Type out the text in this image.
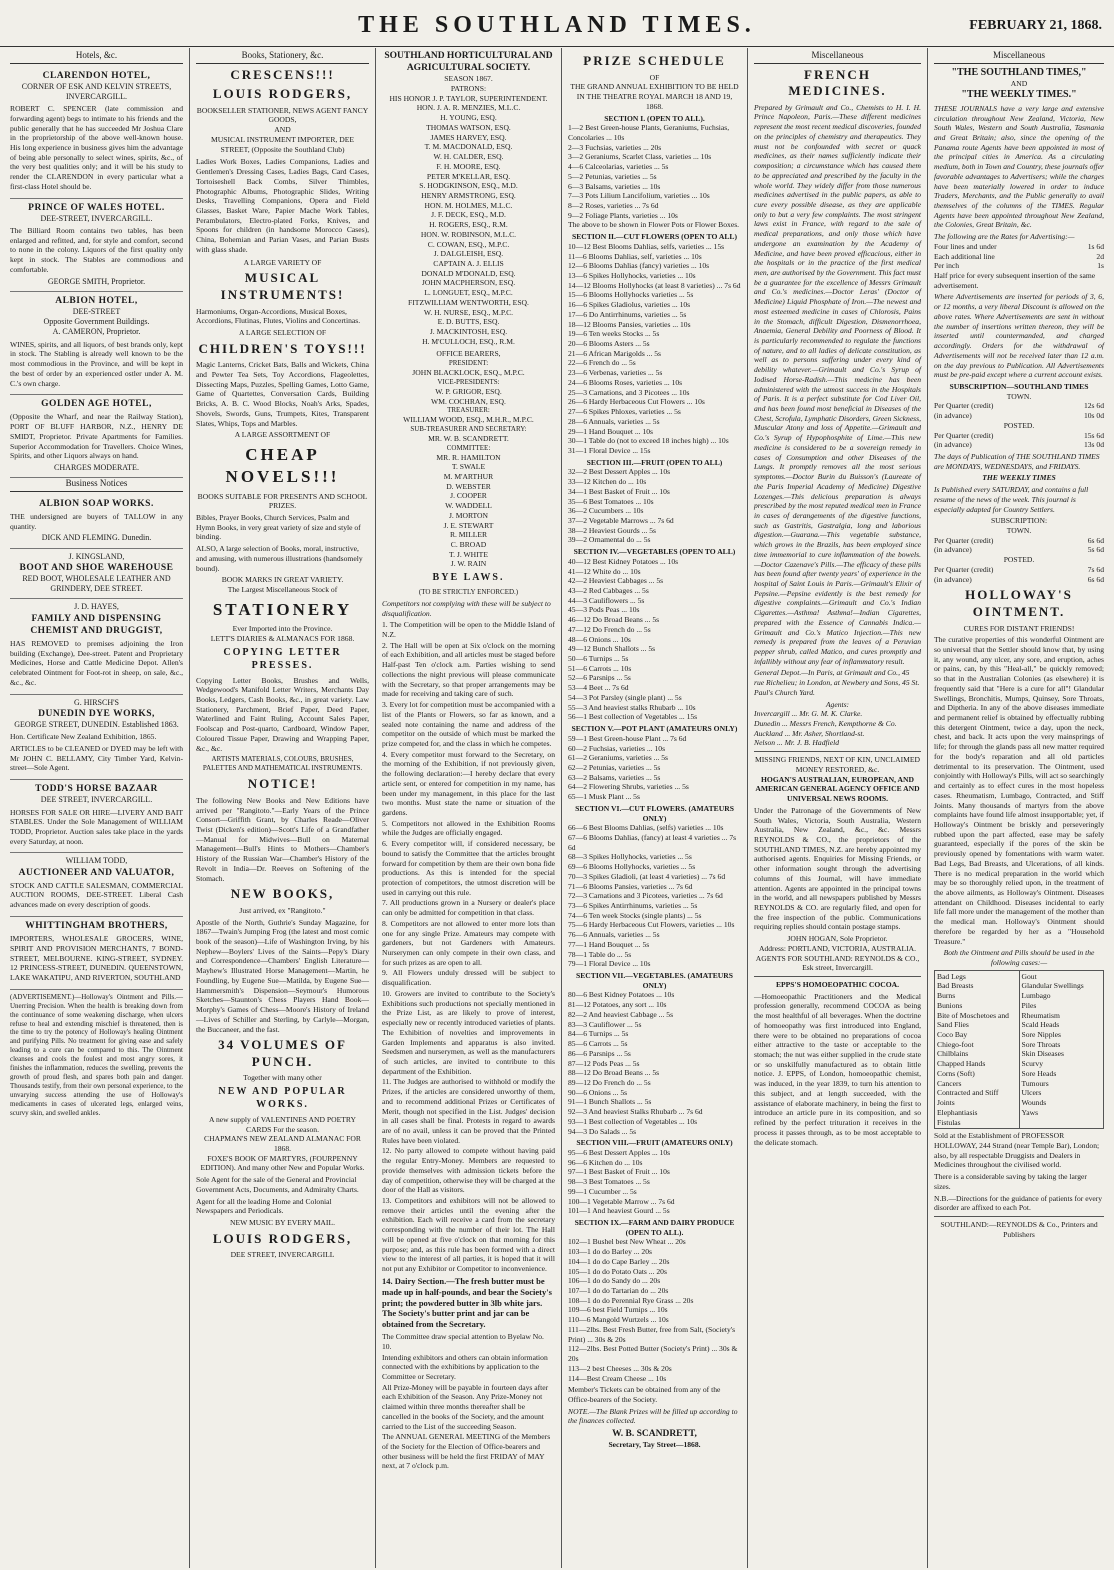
THE SOUTHLAND TIMES.	FEBRUARY 21, 1868.
Hotels, &c.
CLARENDON HOTEL,
CORNER OF ESK AND KELVIN STREETS, INVERCARGILL.

ROBERT C. SPENCER (late commission and forwarding agent) begs to intimate to his friends and the public generally that he has succeeded Mr Joshua Clare in the proprietorship of the above well-known house. His long experience in business gives him the advantage of being able personally to select wines, spirits, &c., of the very best qualities only; and it will be his study to render the CLARENDON in every particular what a first-class Hotel should be.

PRINCE OF WALES HOTEL.
DEE-STREET, INVERCARGILL.

The Billiard Room contains two tables, has been enlarged and refitted, and, for style and comfort, second to none in the colony. Liquors of the first quality only kept in stock. The Stables are commodious and comfortable.

GEORGE SMITH, Proprietor.
ALBION HOTEL,
DEE-STREET
Opposite Government Buildings.
A. CAMERON, Proprietor.

WINES, spirits, and all liquors, of best brands only, kept in stock. The Stabling is already well known to be the most commodious in the Province, and will be kept in the best of order by an experienced ostler under A. M. C.'s own charge.

GOLDEN AGE HOTEL,

(Opposite the Wharf, and near the Railway Station), PORT OF BLUFF HARBOR, N.Z., HENRY DE SMIDT, Proprietor. Private Apartments for Families. Superior Accommodation for Travellers. Choice Wines, Spirits, and other Liquors always on hand.

CHARGES MODERATE.
Business Notices
ALBION SOAP WORKS.

THE undersigned are buyers of TALLOW in any quantity.

DICK AND FLEMING. Dunedin.
J. KINGSLAND,
BOOT AND SHOE WAREHOUSE
RED BOOT, WHOLESALE LEATHER AND GRINDERY, DEE STREET.
J. D. HAYES,
FAMILY AND DISPENSING CHEMIST AND DRUGGIST,

HAS REMOVED to premises adjoining the Iron building (Exchange), Dee-street. Patent and Proprietary Medicines, Horse and Cattle Medicine Depot. Allen's celebrated Ointment for Foot-rot in sheep, on sale, &c., &c., &c.

G. HIRSCH'S
DUNEDIN DYE WORKS,
GEORGE STREET, DUNEDIN. Established 1863.

Hon. Certificate New Zealand Exhibition, 1865.

ARTICLES to be CLEANED or DYED may be left with Mr JOHN C. BELLAMY, City Timber Yard, Kelvin-street—Sole Agent.

TODD'S HORSE BAZAAR
DEE STREET, INVERCARGILL.

HORSES FOR SALE OR HIRE—LIVERY AND BAIT STABLES. Under the Sole Management of WILLIAM TODD, Proprietor. Auction sales take place in the yards every Saturday, at noon.

WILLIAM TODD,
AUCTIONEER AND VALUATOR,

STOCK AND CATTLE SALESMAN, COMMERCIAL AUCTION ROOMS, DEE-STREET. Liberal Cash advances made on every description of goods.

WHITTINGHAM BROTHERS,

IMPORTERS, WHOLESALE GROCERS, WINE, SPIRIT AND PROVISION MERCHANTS, 7 BOND-STREET, MELBOURNE. KING-STREET, SYDNEY. 12 PRINCESS-STREET, DUNEDIN. QUEENSTOWN, LAKE WAKATIPU, AND RIVERTON, SOUTHLAND

(ADVERTISEMENT.)—Holloway's Ointment and Pills.—Unerring Precision. When the health is breaking down from the continuance of some weakening discharge, when ulcers refuse to heal and extending mischief is threatened, then is the time to try the potency of Holloway's healing Ointment and purifying Pills. No treatment for giving ease and safely leading to a cure can be compared to this. The Ointment cleanses and cools the foulest and most angry sores, it finishes the inflammation, reduces the swelling, prevents the growth of proud flesh, and spares both pain and danger. Thousands testify, from their own personal experience, to the unvarying success attending the use of Holloway's medicaments in cases of ulcerated legs, enlarged veins, scurvy skin, and swelled ankles.

Books, Stationery, &c.
CRESCENS!!!
LOUIS RODGERS,
BOOKSELLER STATIONER, NEWS AGENT FANCY GOODS,
AND
MUSICAL INSTRUMENT IMPORTER, DEE STREET, (Opposite the Southland Club)

Ladies Work Boxes, Ladies Companions, Ladies and Gentlemen's Dressing Cases, Ladies Bags, Card Cases, Tortoiseshell Back Combs, Silver Thimbles, Photographic Albums, Photographic Slides, Writing Desks, Travelling Companions, Opera and Field Glasses, Basket Ware, Papier Mache Work Tables, Perambulators, Electro-plated Forks, Knives, and Spoons for children (in handsome Morocco Cases), China, Bohemian and Parian Vases, and Parian Busts with glass shade.

A LARGE VARIETY OF
MUSICAL INSTRUMENTS!

Harmoniums, Organ-Accordions, Musical Boxes, Accordions, Flutinas, Flutes, Violins and Concertinas.

A LARGE SELECTION OF
CHILDREN'S TOYS!!!

Magic Lanterns, Cricket Bats, Balls and Wickets, China and Pewter Tea Sets, Toy Accordions, Flageolettes, Dissecting Maps, Puzzles, Spelling Games, Lotto Game, Game of Quartettes, Conversation Cards, Building Bricks, A. B. C. Wood Blocks, Noah's Arks, Spades, Shovels, Swords, Guns, Trumpets, Kites, Transparent Slates, Whips, Tops and Marbles.

A LARGE ASSORTMENT OF
CHEAP NOVELS!!!
BOOKS SUITABLE FOR PRESENTS AND SCHOOL PRIZES.

Bibles, Prayer Books, Church Services, Psalm and Hymn Books, in very great variety of size and style of binding.

ALSO, A large selection of Books, moral, instructive, and amusing, with numerous illustrations (handsomely bound).

BOOK MARKS IN GREAT VARIETY.
The Largest Miscellaneous Stock of
STATIONERY
Ever Imported into the Province.
LETT'S DIARIES & ALMANACS FOR 1868.
COPYING LETTER PRESSES.

Copying Letter Books, Brushes and Wells, Wedgewood's Manifold Letter Writers, Merchants Day Books, Ledgers, Cash Books, &c., in great variety. Law Stationery, Parchment, Brief Paper, Deed Paper, Waterlined and Faint Ruling, Account Sales Paper, Foolscap and Post-quarto, Cardboard, Window Paper, Coloured Tissue Paper, Drawing and Wrapping Paper, &c., &c.

ARTISTS MATERIALS, COLOURS, BRUSHES, PALETTES AND MATHEMATICAL INSTRUMENTS.
NOTICE!

The following New Books and New Editions have arrived per "Rangitoto."—Early Years of the Prince Consort—Griffith Grant, by Charles Reade—Oliver Twist (Dicken's edition)—Scott's Life of a Grandfather—Manual for Midwives—Bull on Maternal Management—Bull's Hints to Mothers—Chamber's History of the Russian War—Chamber's History of the Revolt in India—Dr. Reeves on Softening of the Stomach.

NEW BOOKS,
Just arrived, ex "Rangitoto."

Apostle of the North, Guthrie's Sunday Magazine, for 1867—Twain's Jumping Frog (the latest and most comic book of the season)—Life of Washington Irving, by his Nephew—Boylers' Lives of the Saints—Pepy's Diary and Correspondence—Chambers' English Literature—Mayhew's Illustrated Horse Management—Martin, he Foundling, by Eugene Sue—Matilda, by Eugene Sue—Hammersmith's Dispension—Seymour's Humorous Sketches—Staunton's Chess Players Hand Book—Morphy's Games of Chess—Moore's History of Ireland—Lives of Schiller and Sterling, by Carlyle—Morgan, the Buccaneer, and the fast.

34 VOLUMES OF PUNCH.
Together with many other
NEW AND POPULAR WORKS.
A new supply of VALENTINES AND POETRY CARDS For the season.
CHAPMAN'S NEW ZEALAND ALMANAC FOR 1868.
FOXE'S BOOK OF MARTYRS, (FOURPENNY EDITION). And many other New and Popular Works.

Sole Agent for the sale of the General and Provincial Government Acts, Documents, and Admiralty Charts.

Agent for all the leading Home and Colonial Newspapers and Periodicals.

NEW MUSIC BY EVERY MAIL.
LOUIS RODGERS,
DEE STREET, INVERCARGILL
SOUTHLAND HORTICULTURAL AND AGRICULTURAL SOCIETY.
SEASON 1867.
PATRONS:
HIS HONOR J. P. TAYLOR, SUPERINTENDENT.
HON. J. A. R. MENZIES, M.L.C.
H. YOUNG, ESQ.
THOMAS WATSON, ESQ.
JAMES HARVEY, ESQ.
T. M. MACDONALD, ESQ.
W. H. CALDER, ESQ.
F. H. MOORE, ESQ.
PETER M'KELLAR, ESQ.
S. HODGKINSON, ESQ., M.D.
HENRY ARMSTRONG, ESQ.
HON. M. HOLMES, M.L.C.
J. F. DECK, ESQ., M.D.
H. ROGERS, ESQ., R.M.
HON. W. ROBINSON, M.L.C.
C. COWAN, ESQ., M.P.C.
J. DALGLEISH, ESQ.
CAPTAIN A. J. ELLIS
DONALD M'DONALD, ESQ.
JOHN MACPHERSON, ESQ.
L. LONGUET, ESQ., M.P.C.
FITZWILLIAM WENTWORTH, ESQ.
W. H. NURSE, ESQ., M.P.C.
E. D. BUTTS, ESQ.
J. MACKINTOSH, ESQ.
H. M'CULLOCH, ESQ., R.M.
OFFICE BEARERS,
PRESIDENT:
JOHN BLACKLOCK, ESQ., M.P.C.
VICE-PRESIDENTS:
W. P. GRIGOR, ESQ.
WM. COCHRAN, ESQ.
TREASURER:
WILLIAM WOOD, ESQ., M.H.R., M.P.C.
SUB-TREASURER AND SECRETARY:
MR. W. B. SCANDRETT.
COMMITTEE:
MR. R. HAMILTON
T. SWALE
M. M'ARTHUR
D. WEBSTER
J. COOPER
W. WADDELL
J. MORTON
J. E. STEWART
R. MILLER
C. BROAD
T. J. WHITE
J. W. RAIN
BYE LAWS.
(TO BE STRICTLY ENFORCED.)

Competitors not complying with these will be subject to disqualification.

1. The Competition will be open to the Middle Island of N.Z.

2. The Hall will be open at Six o'clock on the morning of each Exhibition, and all articles must be staged before Half-past Ten o'clock a.m. Parties wishing to send collections the night previous will please communicate with the Secretary, so that proper arrangements may be made for receiving and taking care of such.

3. Every lot for competition must be accompanied with a list of the Plants or Flowers, so far as known, and a sealed note containing the name and address of the competitor on the outside of which must be marked the prize competed for, and the class in which he competes.

4. Every competitor must forward to the Secretary, on the morning of the Exhibition, if not previously given, the following declaration:—I hereby declare that every article sent, or entered for competition in my name, has been under my management, in this place for the last two months. Must state the name or situation of the gardens.

5. Competitors not allowed in the Exhibition Rooms while the Judges are officially engaged.

6. Every competitor will, if considered necessary, be bound to satisfy the Committee that the articles brought forward for competition by them are their own bona fide productions. As this is intended for the special protection of competitors, the utmost discretion will be used in carrying out this rule.

7. All productions grown in a Nursery or dealer's place can only be admitted for competition in that class.

8. Competitors are not allowed to enter more lots than one for any single Prize. Amateurs may compete with gardeners, but not Gardeners with Amateurs. Nurserymen can only compete in their own class, and for such prizes as are open to all.

9. All Flowers unduly dressed will be subject to disqualification.

10. Growers are invited to contribute to the Society's Exhibitions such productions not specially mentioned in the Prize List, as are likely to prove of interest, especially new or recently introduced varieties of plants. The Exhibition of novelties and improvements in Garden Implements and apparatus is also invited. Seedsmen and nurserymen, as well as the manufacturers of such articles, are invited to contribute to this department of the Exhibition.

11. The Judges are authorised to withhold or modify the Prizes, if the articles are considered unworthy of them, and to recommend additional Prizes or Certificates of Merit, though not specified in the List. Judges' decision in all cases shall be final. Protests in regard to awards are of no avail, unless it can be proved that the Printed Rules have been violated.

12. No party allowed to compete without having paid the regular Entry-Money. Members are requested to provide themselves with admission tickets before the day of competition, otherwise they will be charged at the door of the Hall as visitors.

13. Competitors and exhibitors will not be allowed to remove their articles until the evening after the exhibition. Each will receive a card from the secretary corresponding with the number of their lot. The Hall will be opened at five o'clock on that morning for this purpose; and, as this rule has been formed with a direct view to the interest of all parties, it is hoped that it will not put any Exhibitor or Competitor to inconvenience.

14. Dairy Section.—The fresh butter must be made up in half-pounds, and bear the Society's print; the powdered butter in 3lb white jars. The Society's butter print and jar can be obtained from the Secretary.

The Committee draw special attention to Byelaw No. 10.

Intending exhibitors and others can obtain information connected with the exhibitions by application to the Committee or Secretary.

All Prize-Money will be payable in fourteen days after each Exhibition of the Season. Any Prize-Money not claimed within three months thereafter shall be cancelled in the books of the Society, and the amount carried to the List of the succeeding Season.

The ANNUAL GENERAL MEETING of the Members of the Society for the Election of Office-bearers and other business will be held the first FRIDAY of MAY next, at 7 o'clock p.m.

PRIZE SCHEDULE
OF
THE GRAND ANNUAL EXHIBITION TO BE HELD IN THE THEATRE ROYAL MARCH 18 AND 19, 1868.
SECTION I. (OPEN TO ALL).
1—2 Best Green-house Plants, Geraniums, Fuchsias, Concolaries ... 10s
2—3 Fuchsias, varieties ... 20s
3—2 Geraniums, Scarlet Class, varieties ... 10s
4—6 Calceolarias, varieties ... 5s
5—2 Petunias, varieties ... 5s
6—3 Balsams, varieties ... 10s
7—3 Pots Lilium Lancifolium, varieties ... 10s
8—2 Roses, varieties ... 7s 6d
9—2 Foliage Plants, varieties ... 10s
The above to be shown in Flower Pots or Flower Boxes.
SECTION II.—CUT FLOWERS (OPEN TO ALL)
10—12 Best Blooms Dahlias, selfs, varieties ... 15s
11—6 Blooms Dahlias, self, varieties ... 10s
12—6 Blooms Dahlias (fancy) varieties ... 10s
13—6 Spikes Hollyhocks, varieties ... 10s
14—12 Blooms Hollyhocks (at least 8 varieties) ... 7s 6d
15—6 Blooms Hollyhocks varieties ... 5s
16—6 Spikes Gladiolus, varieties ... 10s
17—6 Do Antirrhinums, varieties ... 5s
18—12 Blooms Pansies, varieties ... 10s
19—6 Ten weeks Stocks ... 5s
20—6 Blooms Asters ... 5s
21—6 African Marigolds ... 5s
22—6 French do ... 5s
23—6 Verbenas, varieties ... 5s
24—6 Blooms Roses, varieties ... 10s
25—3 Carnations, and 3 Picotees ... 10s
26—6 Hardy Herbaceous Cut Flowers ... 10s
27—6 Spikes Phloxes, varieties ... 5s
28—6 Annuals, varieties ... 5s
29—1 Hand Bouquet ... 10s
30—1 Table do (not to exceed 18 inches high) ... 10s
31—1 Floral Device ... 15s
SECTION III.—FRUIT (OPEN TO ALL)
32—2 Best Dessert Apples ... 10s
33—12 Kitchen do ... 10s
34—1 Best Basket of Fruit ... 10s
35—6 Best Tomatoes ... 10s
36—2 Cucumbers ... 10s
37—2 Vegetable Marrows ... 7s 6d
38—2 Heaviest Gourds ... 5s
39—2 Ornamental do ... 5s
SECTION IV.—VEGETABLES (OPEN TO ALL)
40—12 Best Kidney Potatoes ... 10s
41—12 White do ... 10s
42—2 Heaviest Cabbages ... 5s
43—2 Red Cabbages ... 5s
44—3 Cauliflowers ... 5s
45—3 Pods Peas ... 10s
46—12 Do Broad Beans ... 5s
47—12 Do French do ... 5s
48—6 Onions ... 10s
49—12 Bunch Shallots ... 5s
50—6 Turnips ... 5s
51—6 Carrots ... 10s
52—6 Parsnips ... 5s
53—4 Beet ... 7s 6d
54—3 Pot Parsley (single plant) ... 5s
55—3 And heaviest stalks Rhubarb ... 10s
56—1 Best collection of Vegetables ... 15s
SECTION V.—POT PLANT (AMATEURS ONLY)
59—1 Best Green-house Plant ... 7s 6d
60—2 Fuchsias, varieties ... 10s
61—2 Geraniums, varieties ... 5s
62—2 Petunias, varieties ... 5s
63—2 Balsams, varieties ... 5s
64—2 Flowering Shrubs, varieties ... 5s
65—1 Musk Plant ... 5s
SECTION VI.—CUT FLOWERS. (AMATEURS ONLY)
66—6 Best Blooms Dahlias, (selfs) varieties ... 10s
67—6 Blooms Dahlias, (fancy) at least 4 varieties ... 7s 6d
68—3 Spikes Hollyhocks, varieties ... 5s
69—6 Blooms Hollyhocks, varieties ... 5s
70—3 Spikes Gladioli, (at least 4 varieties) ... 7s 6d
71—6 Blooms Pansies, varieties ... 7s 6d
72—3 Carnations and 3 Picotees, varieties ... 7s 6d
73—6 Spikes Antirrhinums, varieties ... 5s
74—6 Ten week Stocks (single plants) ... 5s
75—6 Hardy Herbaceous Cut Flowers, varieties ... 10s
76—6 Annuals, varieties ... 5s
77—1 Hand Bouquet ... 5s
78—1 Table do ... 5s
79—1 Floral Device ... 10s
SECTION VII.—VEGETABLES. (AMATEURS ONLY)
80—6 Best Kidney Potatoes ... 10s
81—12 Potatoes, any sort ... 10s
82—2 And heaviest Cabbage ... 5s
83—3 Cauliflower ... 5s
84—6 Turnips ... 5s
85—6 Carrots ... 5s
86—6 Parsnips ... 5s
87—12 Pods Peas ... 5s
88—12 Do Broad Beans ... 5s
89—12 Do French do ... 5s
90—6 Onions ... 5s
91—1 Bunch Shallots ... 5s
92—3 And heaviest Stalks Rhubarb ... 7s 6d
93—1 Best collection of Vegetables ... 10s
94—3 Do Salads ... 5s
SECTION VIII.—FRUIT (AMATEURS ONLY)
95—6 Best Dessert Apples ... 10s
96—6 Kitchen do ... 10s
97—1 Best Basket of Fruit ... 10s
98—3 Best Tomatoes ... 5s
99—1 Cucumber ... 5s
100—1 Vegetable Marrow ... 7s 6d
101—1 And heaviest Gourd ... 5s
SECTION IX.—FARM AND DAIRY PRODUCE (OPEN TO ALL).
102—1 Bushel best New Wheat ... 20s
103—1 do do Barley ... 20s
104—1 do do Cape Barley ... 20s
105—1 do do Potato Oats ... 20s
106—1 do do Sandy do ... 20s
107—1 do do Tartarian do ... 20s
108—1 do do Perennial Rye Grass ... 20s
109—6 best Field Turnips ... 10s
110—6 Mangold Wurtzels ... 10s
111—2lbs. Best Fresh Butter, free from Salt, (Society's Print) ... 30s & 20s
112—2lbs. Best Potted Butter (Society's Print) ... 30s & 20s
113—2 best Cheeses ... 30s & 20s
114—Best Cream Cheese ... 10s

Member's Tickets can be obtained from any of the Office-bearers of the Society.

NOTE.—The Blank Prizes will be filled up according to the finances collected.

W. B. SCANDRETT,
Secretary, Tay Street—1868.
Miscellaneous
FRENCH MEDICINES.

Prepared by Grimault and Co., Chemists to H. I. H. Prince Napoleon, Paris.—These different medicines represent the most recent medical discoveries, founded on the principles of chemistry and therapeutics. They must not be confounded with secret or quack medicines, as their names sufficiently indicate their composition; a circumstance which has caused them to be appreciated and prescribed by the faculty in the whole world. They widely differ from those numerous medicines advertised in the public papers, as able to cure every possible disease, as they are applicable only to but a very few complaints. The most stringent laws exist in France, with regard to the sale of medical preparations, and only those which have undergone an examination by the Academy of Medicine, and have been proved efficacious, either in the hospitals or in the practice of the first medical men, are authorised by the Government. This fact must be a guarantee for the excellence of Messrs Grimault and Co.'s medicines.—Doctor Leras' (Doctor of Medicine) Liquid Phosphate of Iron.—The newest and most esteemed medicine in cases of Chlorosis, Pains in the Stomach, difficult Digestion, Dismenorrhoea, Anaemia, General Debility and Poorness of Blood. It is particularly recommended to regulate the functions of nature, and to all ladies of delicate constitution, as well as to persons suffering under every kind of debility whatever.—Grimault and Co.'s Syrup of Iodised Horse-Radish.—This medicine has been administered with the utmost success in the Hospitals of Paris. It is a perfect substitute for Cod Liver Oil, and has been found most beneficial in Diseases of the Chest, Scrofula, Lymphatic Disorders, Green Sickness, Muscular Atony and loss of Appetite.—Grimault and Co.'s Syrup of Hypophosphite of Lime.—This new medicine is considered to be a sovereign remedy in cases of Consumption and other Diseases of the Lungs. It promptly removes all the most serious symptoms.—Doctor Burin du Buisson's (Laureate of the Paris Imperial Academy of Medicine) Digestive Lozenges.—This delicious preparation is always prescribed by the most reputed medical men in France in cases of derangements of the digestive functions, such as Gastritis, Gastralgia, long and laborious digestion.—Guarana.—This vegetable substance, which grows in the Brazils, has been employed since time immemorial to cure inflammation of the bowels.—Doctor Cazenave's Pills.—The efficacy of these pills has been found after twenty years' of experience in the hospital of Saint Louis in Paris.—Grimault's Elixir of Pepsine.—Pepsine evidently is the best remedy for digestive complaints.—Grimault and Co.'s Indian Cigarettes.—Asthma! Asthma!—Indian Cigarettes, prepared with the Essence of Cannabis Indica.—Grimault and Co.'s Matico Injection.—This new remedy is prepared from the leaves of a Peruvian pepper shrub, called Matico, and cures promptly and infallibly without any fear of inflammatory result.

General Depot.—In Paris, at Grimault and Co., 45 rue Richelieu; in London, at Newbery and Sons, 45 St. Paul's Church Yard.

Agents:
Invercargill ... Mr. G. M. K. Clarke.
Dunedin ... Messrs French, Kempthorne & Co.
Auckland ... Mr. Asher, Shortland-st.
Nelson ... Mr. J. B. Hadfield
MISSING FRIENDS, NEXT OF KIN, UNCLAIMED MONEY RESTORED, &c.
HOGAN'S AUSTRALIAN, EUROPEAN, AND AMERICAN GENERAL AGENCY OFFICE AND UNIVERSAL NEWS ROOMS.

Under the Patronage of the Governments of New South Wales, Victoria, South Australia, Western Australia, New Zealand, &c., &c. Messrs REYNOLDS & CO., the proprietors of the SOUTHLAND TIMES, N.Z. are hereby appointed my authorised agents. Enquiries for Missing Friends, or other information sought through the advertising columns of this Journal, will have immediate attention. Agents are appointed in the principal towns in the world, and all newspapers published by Messrs REYNOLDS & CO. are regularly filed, and open for the free inspection of the public. Communications requiring replies should contain postage stamps.

JOHN HOGAN, Sole Proprietor.
Address: PORTLAND, VICTORIA, AUSTRALIA.
AGENTS FOR SOUTHLAND: REYNOLDS & CO., Esk street, Invercargill.
EPPS'S HOMOEOPATHIC COCOA.

—Homoeopathic Practitioners and the Medical profession generally, recommend COCOA as being the most healthful of all beverages. When the doctrine of homoeopathy was first introduced into England, there were to be obtained no preparations of cocoa either attractive to the taste or acceptable to the stomach; the nut was either supplied in the crude state or so unskilfully manufactured as to obtain little notice. J. EPPS, of London, homoeopathic chemist, was induced, in the year 1839, to turn his attention to this subject, and at length succeeded, with the assistance of elaborate machinery, in being the first to introduce an article pure in its composition, and so refined by the perfect trituration it receives in the process it passes through, as to be most acceptable to the delicate stomach.

Miscellaneous
"THE SOUTHLAND TIMES,"
AND
"THE WEEKLY TIMES."

THESE JOURNALS have a very large and extensive circulation throughout New Zealand, Victoria, New South Wales, Western and South Australia, Tasmania and Great Britain; also, since the opening of the Panama route Agents have been appointed in most of the principal cities in America. As a circulating medium, both in Town and Country, these journals offer favorable advantages to Advertisers; while the charges have been materially lowered in order to induce Traders, Merchants, and the Public generally to avail themselves of the columns of the TIMES. Regular Agents have been appointed throughout New Zealand, the Colonies, Great Britain, &c.

The following are the Rates for Advertising:—
Four lines and under	1s 6d
Each additional line	2d
Per inch	1s
Half price for every subsequent insertion of the same advertisement.

Where Advertisements are inserted for periods of 3, 6, or 12 months, a very liberal Discount is allowed on the above rates. Where Advertisements are sent in without the number of insertions written thereon, they will be inserted until countermanded, and charged accordingly. Orders for the withdrawal of Advertisements will not be received later than 12 a.m. on the day previous to Publication. All Advertisements must be pre-paid except where a current account exists.

SUBSCRIPTION—SOUTHLAND TIMES
TOWN.
Per Quarter (credit)	12s 6d
(in advance)	10s 0d
POSTED.
Per Quarter (credit)	15s 6d
(in advance)	13s 0d

The days of Publication of THE SOUTHLAND TIMES are MONDAYS, WEDNESDAYS, and FRIDAYS.

THE WEEKLY TIMES

Is Published every SATURDAY, and contains a full resume of the news of the week. This journal is especially adapted for Country Settlers.

SUBSCRIPTION:
TOWN.
Per Quarter (credit)	6s 6d
(in advance)	5s 6d
POSTED.
Per Quarter (credit)	7s 6d
(in advance)	6s 6d
HOLLOWAY'S OINTMENT.
CURES FOR DISTANT FRIENDS!

The curative properties of this wonderful Ointment are so universal that the Settler should know that, by using it, any wound, any ulcer, any sore, and eruption, aches or pains, can, by this "Heal-all," be quickly removed; so that in the Australian Colonies (as elsewhere) it is frequently said that "Here is a cure for all"! Glandular Swellings, Bronchitis, Mumps, Quinsey, Sore Throats, and Diptheria. In any of the above diseases immediate and permanent relief is obtained by effectually rubbing this detergent Ointment, twice a day, upon the neck, chest, and back. It acts upon the very mainsprings of life; for through the glands pass all new matter required for the body's reparation and all old particles detrimental to its preservation. The Ointment, used conjointly with Holloway's Pills, will act so searchingly and certainly as to effect cures in the most hopeless cases. Rheumatism, Lumbago, Contracted, and Stiff Joints. Many thousands of martyrs from the above complaints have found life almost insupportable; yet, if Holloway's Ointment be briskly and perseveringly rubbed upon the part affected, ease may be safely guaranteed, especially if the pores of the skin be previously opened by fomentations with warm water. Bad Legs, Bad Breasts, and Ulcerations, of all kinds. There is no medical preparation in the world which may be so thoroughly relied upon, in the treatment of the above ailments, as Holloway's Ointment. Diseases attendant on Childhood. Diseases incidental to early life fall more under the management of the mother than the medical man. Holloway's Ointment should therefore be regarded by her as a "Household Treasure."

Both the Ointment and Pills should be used in the following cases:—
Bad Legs
Bad Breasts
Burns
Bunions
Bite of Moschetoes and Sand Flies
Coco Bay
Chiego-foot
Chilblains
Chapped Hands
Corns (Soft)
Cancers
Contracted and Stiff Joints
Elephantiasis
Fistulas
Gout
Glandular Swellings
Lumbago
Piles
Rheumatism
Scald Heads
Sore Nipples
Sore Throats
Skin Diseases
Scurvy
Sore Heads
Tumours
Ulcers
Wounds
Yaws

Sold at the Establishment of PROFESSOR HOLLOWAY, 244 Strand (near Temple Bar), London; also, by all respectable Druggists and Dealers in Medicines throughout the civilised world.

There is a considerable saving by taking the larger sizes.

N.B.—Directions for the guidance of patients for every disorder are affixed to each Pot.

SOUTHLAND:—REYNOLDS & Co., Printers and Publishers
